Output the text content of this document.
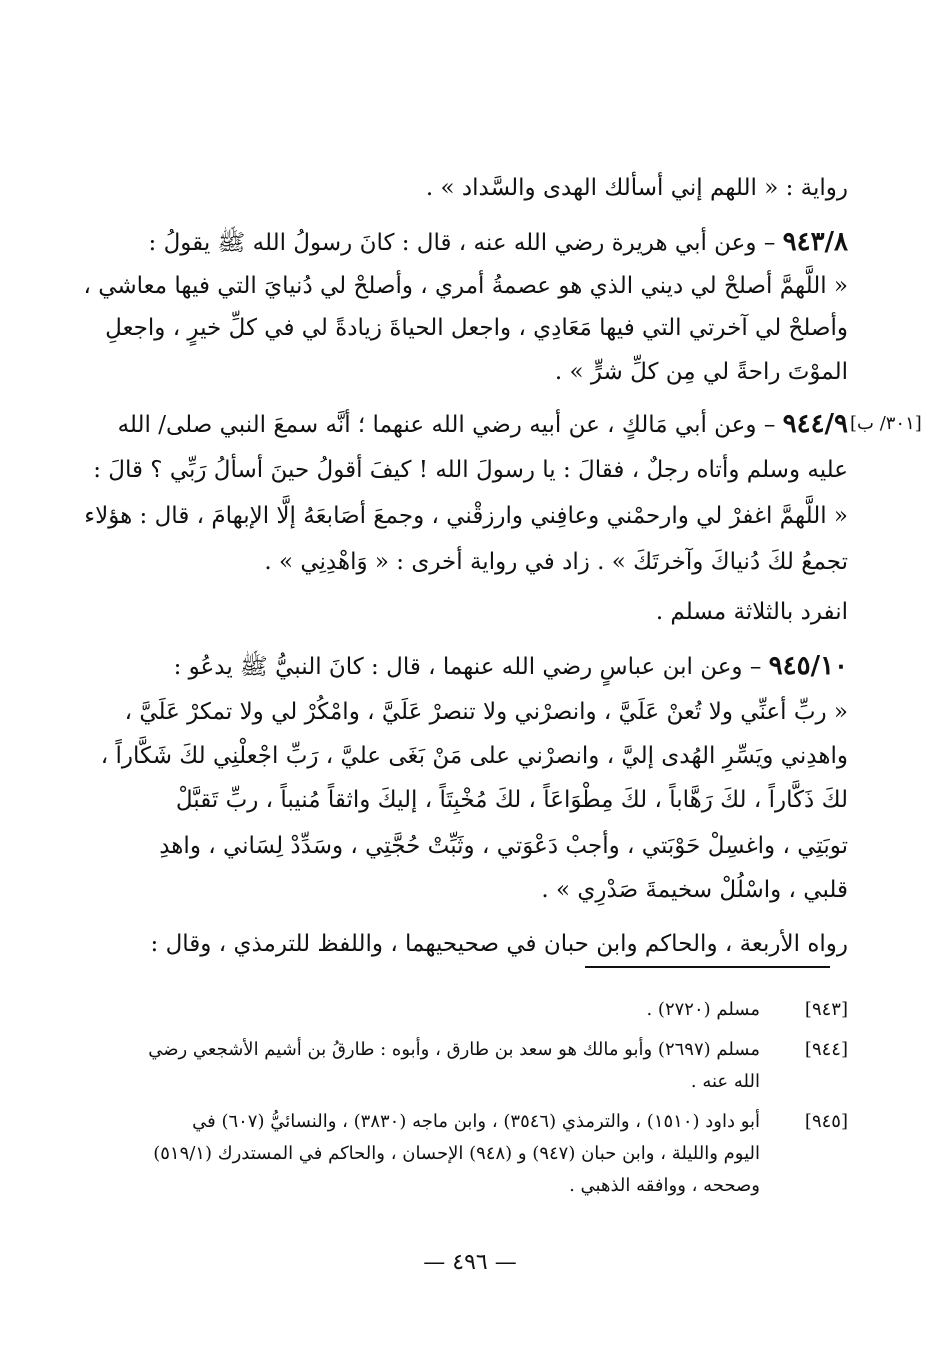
رواية : « اللهم إني أسألك الهدى والسَّداد » .
٩٤٣/٨ – وعن أبي هريرة رضي الله عنه ، قال : كانَ رسولُ الله ﷺ يقولُ :
« اللَّهمَّ أصلحْ لي ديني الذي هو عصمةُ أمري ، وأصلحْ لي دُنيايَ التي فيها معاشي ،
وأصلحْ لي آخرتي التي فيها مَعَادِي ، واجعل الحياةَ زيادةً لي في كلِّ خيرٍ ، واجعلِ
الموْتَ راحةً لي مِن كلِّ شرٍّ » .
[٣٠١/ ب]
٩٤٤/٩ – وعن أبي مَالكٍ ، عن أبيه رضي الله عنهما ؛ أنَّه سمعَ النبي صلى/ الله
عليه وسلم وأتاه رجلٌ ، فقالَ : يا رسولَ الله ! كيفَ أقولُ حينَ أسألُ رَبِّي ؟ قالَ :
« اللَّهمَّ اغفرْ لي وارحمْني وعافِني وارزقْني ، وجمعَ أصَابعَهُ إلَّا الإبهامَ ، قال : هؤلاء
تجمعُ لكَ دُنياكَ وآخرتَكَ » . زاد في رواية أخرى : « وَاهْدِنِي » .
انفرد بالثلاثة مسلم .
٩٤٥/١٠ – وعن ابن عباسٍ رضي الله عنهما ، قال : كانَ النبيُّ ﷺ يدعُو :
« ربِّ أعنِّي ولا تُعنْ عَلَيَّ ، وانصرْني ولا تنصرْ عَلَيَّ ، وامْكُرْ لي ولا تمكرْ عَلَيَّ ،
واهدِني ويَسِّرِ الهُدى إليَّ ، وانصرْني على مَنْ بَغَى عليَّ ، رَبِّ اجْعلْنِي لكَ شَكَّاراً ،
لكَ ذَكَّاراً ، لكَ رَهَّاباً ، لكَ مِطْوَاعَاً ، لكَ مُخْبِتَاً ، إليكَ واثقاً مُنيباً ، ربِّ تَقبَّلْ
توبَتِي ، واغسِلْ حَوْبَتي ، وأجبْ دَعْوَتي ، وثَبِّتْ حُجَّتِي ، وسَدِّدْ لِسَاني ، واهدِ
قلبي ، واسْلُلْ سخيمةَ صَدْرِي » .
رواه الأربعة ، والحاكم وابن حبان في صحيحيهما ، واللفظ للترمذي ، وقال :
[٩٤٣]
مسلم (٢٧٢٠) .
[٩٤٤]
مسلم (٢٦٩٧) وأبو مالك هو سعد بن طارق ، وأبوه : طارقُ بن أشيم الأشجعي رضي
الله عنه .
[٩٤٥]
أبو داود (١٥١٠) ، والترمذي (٣٥٤٦) ، وابن ماجه (٣٨٣٠) ، والنسائيُّ (٦٠٧) في
اليوم والليلة ، وابن حبان (٩٤٧) و (٩٤٨) الإحسان ، والحاكم في المستدرك (٥١٩/١)
وصححه ، ووافقه الذهبي .
— ٤٩٦ —
